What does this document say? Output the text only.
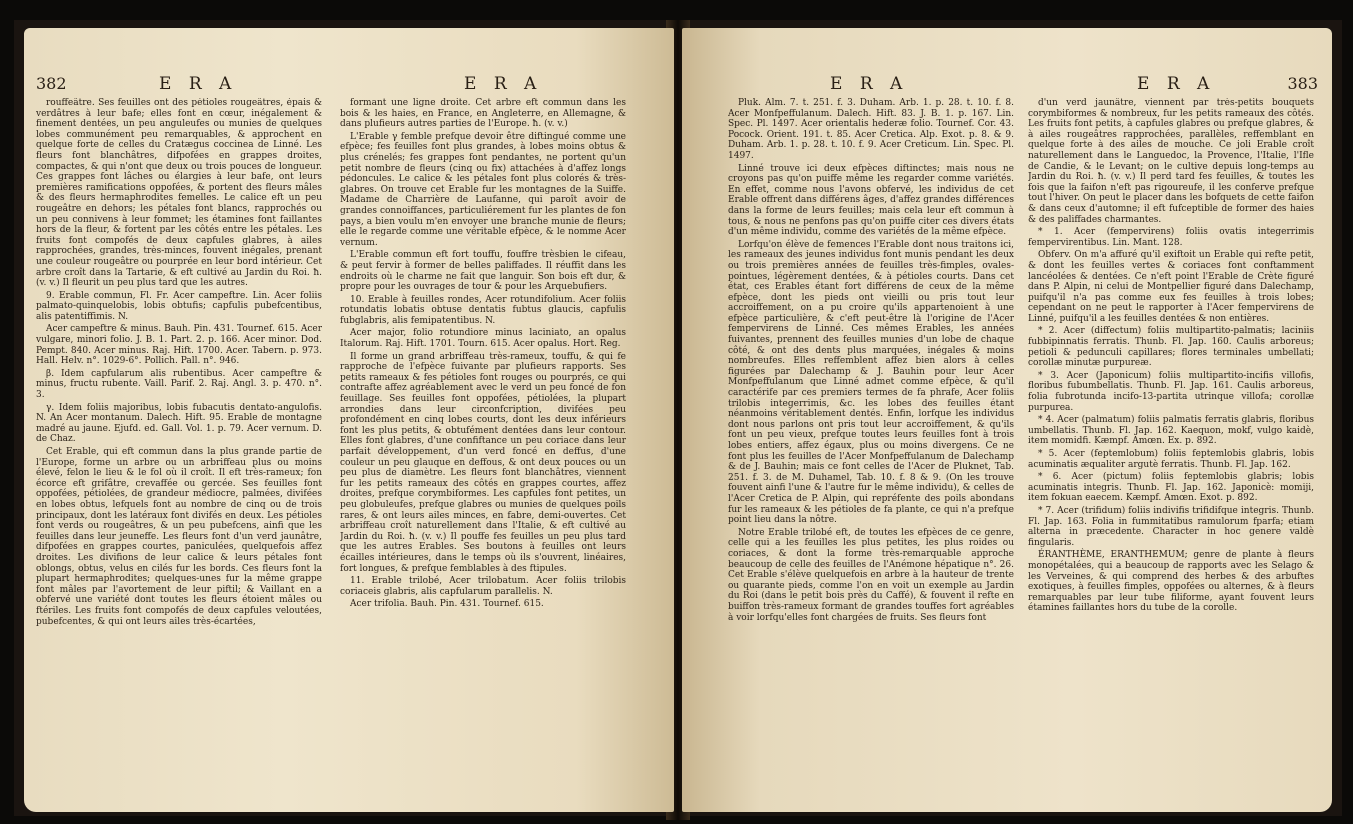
382	E R A	E R A

rouffeâtre. Ses feuilles ont des pétioles rougeâtres, épais & verdâtres à leur bafe; elles font en cœur, inégalement & finement dentées, un peu anguleufes ou munies de quelques lobes communément peu remarquables, & approchent en quelque forte de celles du Cratægus coccinea de Linné. Les fleurs font blanchâtres, difpofées en grappes droites, compactes, & qui n'ont que deux ou trois pouces de longueur. Ces grappes font lâches ou élargies à leur bafe, ont leurs premières ramifications oppofées, & portent des fleurs mâles & des fleurs hermaphrodites femelles. Le calice eft un peu rougeâtre en dehors; les pétales font blancs, rapprochés ou un peu connivens à leur fommet; les étamines font faillantes hors de la fleur, & fortent par les côtés entre les pétales. Les fruits font compofés de deux capfules glabres, à ailes rapprochées, grandes, très-minces, fouvent inégales, prenant une couleur rougeâtre ou pourprée en leur bord intérieur. Cet arbre croît dans la Tartarie, & eft cultivé au Jardin du Roi. ħ. (v. v.) Il fleurit un peu plus tard que les autres.

9. Erable commun, Fl. Fr. Acer campeftre. Lin. Acer foliis palmato-quinquelobis, lobis obtufis; capfulis pubefcentibus, alis patentiffimis. N.

Acer campeftre & minus. Bauh. Pin. 431. Tournef. 615. Acer vulgare, minori folio. J. B. 1. Part. 2. p. 166. Acer minor. Dod. Pempt. 840. Acer minus. Raj. Hift. 1700. Acer. Tabern. p. 973. Hall. Helv. n°. 1029-6°. Pollich. Pall. n°. 946.

β. Idem capfularum alis rubentibus. Acer campeftre & minus, fructu rubente. Vaill. Parif. 2. Raj. Angl. 3. p. 470. n°. 3.

γ. Idem foliis majoribus, lobis fubacutis dentato-angulofis. N. An Acer montanum. Dalech. Hift. 95. Erable de montagne madré au jaune. Ejufd. ed. Gall. Vol. 1. p. 79. Acer vernum. D. de Chaz.

Cet Erable, qui eft commun dans la plus grande partie de l'Europe, forme un arbre ou un arbriffeau plus ou moins élevé, felon le lieu & le fol où il croît. Il eft très-rameux; fon écorce eft grifâtre, crevaffée ou gercée. Ses feuilles font oppofées, pétiolées, de grandeur médiocre, palmées, divifées en lobes obtus, lefquels font au nombre de cinq ou de trois principaux, dont les latéraux font divifés en deux. Les pétioles font verds ou rougeâtres, & un peu pubefcens, ainfi que les feuilles dans leur jeuneffe. Les fleurs font d'un verd jaunâtre, difpofées en grappes courtes, paniculées, quelquefois affez droites. Les divifions de leur calice & leurs pétales font oblongs, obtus, velus en cilés fur les bords. Ces fleurs font la plupart hermaphrodites; quelques-unes fur la même grappe font mâles par l'avortement de leur piftil; & Vaillant en a obfervé une variété dont toutes les fleurs étoient mâles ou ftériles. Les fruits font compofés de deux capfules veloutées, pubefcentes, & qui ont leurs ailes très-écartées,

formant une ligne droite. Cet arbre eft commun dans les bois & les haies, en France, en Angleterre, en Allemagne, & dans plufieurs autres parties de l'Europe. ħ. (v. v.)

L'Erable γ femble prefque devoir être diftingué comme une efpèce; fes feuilles font plus grandes, à lobes moins obtus & plus crénelés; fes grappes font pendantes, ne portent qu'un petit nombre de fleurs (cinq ou fix) attachées à d'affez longs pédoncules. Le calice & les pétales font plus colorés & très-glabres. On trouve cet Erable fur les montagnes de la Suiffe. Madame de Charrière de Laufanne, qui paroît avoir de grandes connoiffances, particuliérement fur les plantes de fon pays, a bien voulu m'en envoyer une branche munie de fleurs; elle le regarde comme une véritable efpèce, & le nomme Acer vernum.

L'Erable commun eft fort touffu, fouffre trèsbien le cifeau, & peut fervir à former de belles paliffades. Il réuffit dans les endroits où le charme ne fait que languir. Son bois eft dur, & propre pour les ouvrages de tour & pour les Arquebufiers.

10. Erable à feuilles rondes, Acer rotundifolium. Acer foliis rotundatis lobatis obtuse dentatis fubtus glaucis, capfulis fubglabris, alis femipatentibus. N.

Acer major, folio rotundiore minus laciniato, an opalus Italorum. Raj. Hift. 1701. Tourn. 615. Acer opalus. Hort. Reg.

Il forme un grand arbriffeau très-rameux, touffu, & qui fe rapproche de l'efpèce fuivante par plufieurs rapports. Ses petits rameaux & fes pétioles font rouges ou pourprés, ce qui contrafte affez agréablement avec le verd un peu foncé de fon feuillage. Ses feuilles font oppofées, pétiolées, la plupart arrondies dans leur circonfcription, divifées peu profondément en cinq lobes courts, dont les deux inférieurs font les plus petits, & obtufément dentées dans leur contour. Elles font glabres, d'une confiftance un peu coriace dans leur parfait développement, d'un verd foncé en deffus, d'une couleur un peu glauque en deffous, & ont deux pouces ou un peu plus de diamètre. Les fleurs font blanchâtres, viennent fur les petits rameaux des côtés en grappes courtes, affez droites, prefque corymbiformes. Les capfules font petites, un peu globuleufes, prefque glabres ou munies de quelques poils rares, & ont leurs ailes minces, en fabre, demi-ouvertes. Cet arbriffeau croît naturellement dans l'Italie, & eft cultivé au Jardin du Roi. ħ. (v. v.) Il pouffe fes feuilles un peu plus tard que les autres Erables. Ses boutons à feuilles ont leurs écailles intérieures, dans le temps où ils s'ouvrent, linéaires, fort longues, & prefque femblables à des ftipules.

11. Erable trilobé, Acer trilobatum. Acer foliis trilobis coriaceis glabris, alis capfularum parallelis. N.

Acer trifolia. Bauh. Pin. 431. Tournef. 615.

E R A	E R A	383

Pluk. Alm. 7. t. 251. f. 3. Duham. Arb. 1. p. 28. t. 10. f. 8. Acer Monfpeffulanum. Dalech. Hift. 83. J. B. 1. p. 167. Lin. Spec. Pl. 1497. Acer orientalis hederæ folio. Tournef. Cor. 43. Pocock. Orient. 191. t. 85. Acer Cretica. Alp. Exot. p. 8. & 9. Duham. Arb. 1. p. 28. t. 10. f. 9. Acer Creticum. Lin. Spec. Pl. 1497.

Linné trouve ici deux efpèces diftinctes; mais nous ne croyons pas qu'on puiffe même les regarder comme variétés. En effet, comme nous l'avons obfervé, les individus de cet Erable offrent dans différens âges, d'affez grandes différences dans la forme de leurs feuilles; mais cela leur eft commun à tous, & nous ne penfons pas qu'on puiffe citer ces divers états d'un même individu, comme des variétés de la même efpèce.

Lorfqu'on élève de femences l'Erable dont nous traitons ici, les rameaux des jeunes individus font munis pendant les deux ou trois premières années de feuilles très-fimples, ovales-pointues, légèrement dentées, & à pétioles courts. Dans cet état, ces Erables étant fort différens de ceux de la même efpèce, dont les pieds ont vieilli ou pris tout leur accroiffement, on a pu croire qu'ils appartenoient à une efpèce particulière, & c'eft peut-être là l'origine de l'Acer fempervirens de Linné. Ces mêmes Erables, les années fuivantes, prennent des feuilles munies d'un lobe de chaque côté, & ont des dents plus marquées, inégales & moins nombreufes. Elles reffemblent affez bien alors à celles figurées par Dalechamp & J. Bauhin pour leur Acer Monfpeffulanum que Linné admet comme efpèce, & qu'il caractérife par ces premiers termes de fa phrafe, Acer foliis trilobis integerrimis, &c. les lobes des feuilles étant néanmoins véritablement dentés. Enfin, lorfque les individus dont nous parlons ont pris tout leur accroiffement, & qu'ils font un peu vieux, prefque toutes leurs feuilles font à trois lobes entiers, affez égaux, plus ou moins divergens. Ce ne font plus les feuilles de l'Acer Monfpeffulanum de Dalechamp & de J. Bauhin; mais ce font celles de l'Acer de Pluknet, Tab. 251. f. 3. de M. Duhamel, Tab. 10. f. 8 & 9. (On les trouve fouvent ainfi l'une & l'autre fur le même individu), & celles de l'Acer Cretica de P. Alpin, qui repréfente des poils abondans fur les rameaux & les pétioles de fa plante, ce qui n'a prefque point lieu dans la nôtre.

Notre Erable trilobé eft, de toutes les efpèces de ce genre, celle qui a les feuilles les plus petites, les plus roides ou coriaces, & dont la forme très-remarquable approche beaucoup de celle des feuilles de l'Anémone hépatique n°. 26. Cet Erable s'élève quelquefois en arbre à la hauteur de trente ou quarante pieds, comme l'on en voit un exemple au Jardin du Roi (dans le petit bois près du Caffé), & fouvent il refte en buiffon très-rameux formant de grandes touffes fort agréables à voir lorfqu'elles font chargées de fruits. Ses fleurs font

d'un verd jaunâtre, viennent par très-petits bouquets corymbiformes & nombreux, fur les petits rameaux des côtés. Les fruits font petits, à capfules glabres ou prefque glabres, & à ailes rougeâtres rapprochées, parallèles, reffemblant en quelque forte à des ailes de mouche. Ce joli Erable croît naturellement dans le Languedoc, la Provence, l'Italie, l'Ifle de Candie, & le Levant; on le cultive depuis long-temps au Jardin du Roi. ħ. (v. v.) Il perd tard fes feuilles, & toutes les fois que la faifon n'eft pas rigoureufe, il les conferve prefque tout l'hiver. On peut le placer dans les bofquets de cette faifon & dans ceux d'automne; il eft fufceptible de former des haies & des paliffades charmantes.

* 1. Acer (fempervirens) foliis ovatis integerrimis fempervirentibus. Lin. Mant. 128.

Obferv. On m'a affuré qu'il exiftoit un Erable qui refte petit, & dont les feuilles vertes & coriaces font conftamment lancéolées & dentées. Ce n'eft point l'Erable de Crète figuré dans P. Alpin, ni celui de Montpellier figuré dans Dalechamp, puifqu'il n'a pas comme eux fes feuilles à trois lobes; cependant on ne peut le rapporter à l'Acer fempervirens de Linné, puifqu'il a les feuilles dentées & non entières.

* 2. Acer (diffectum) foliis multipartito-palmatis; laciniis fubbipinnatis ferratis. Thunb. Fl. Jap. 160. Caulis arboreus; petioli & pedunculi capillares; flores terminales umbellati; corollæ minutæ purpureæ.

* 3. Acer (Japonicum) foliis multipartito-incifis villofis, floribus fubumbellatis. Thunb. Fl. Jap. 161. Caulis arboreus, folia fubrotunda incifo-13-partita utrinque villofa; corollæ purpurea.

* 4. Acer (palmatum) foliis palmatis ferratis glabris, floribus umbellatis. Thunb. Fl. Jap. 162. Kaequon, mokf, vulgo kaidè, item momidfi. Kæmpf. Amœn. Ex. p. 892.

* 5. Acer (feptemlobum) foliis feptemlobis glabris, lobis acuminatis æqualiter argutè ferratis. Thunb. Fl. Jap. 162.

* 6. Acer (pictum) foliis feptemlobis glabris; lobis acuminatis integris. Thunb. Fl. Jap. 162. Japonicè: momiji, item fokuan eaecem. Kæmpf. Amœn. Exot. p. 892.

* 7. Acer (trifidum) foliis indivifis trifidifque integris. Thunb. Fl. Jap. 163. Folia in fummitatibus ramulorum fparfa; etiam alterna in præcedente. Character in hoc genere valdè fingularis.

ÉRANTHÈME, ERANTHEMUM; genre de plante à fleurs monopétalées, qui a beaucoup de rapports avec les Selago & les Verveines, & qui comprend des herbes & des arbuftes exotiques, à feuilles fimples, oppofées ou alternes, & à fleurs remarquables par leur tube filiforme, ayant fouvent leurs étamines faillantes hors du tube de la corolle.
